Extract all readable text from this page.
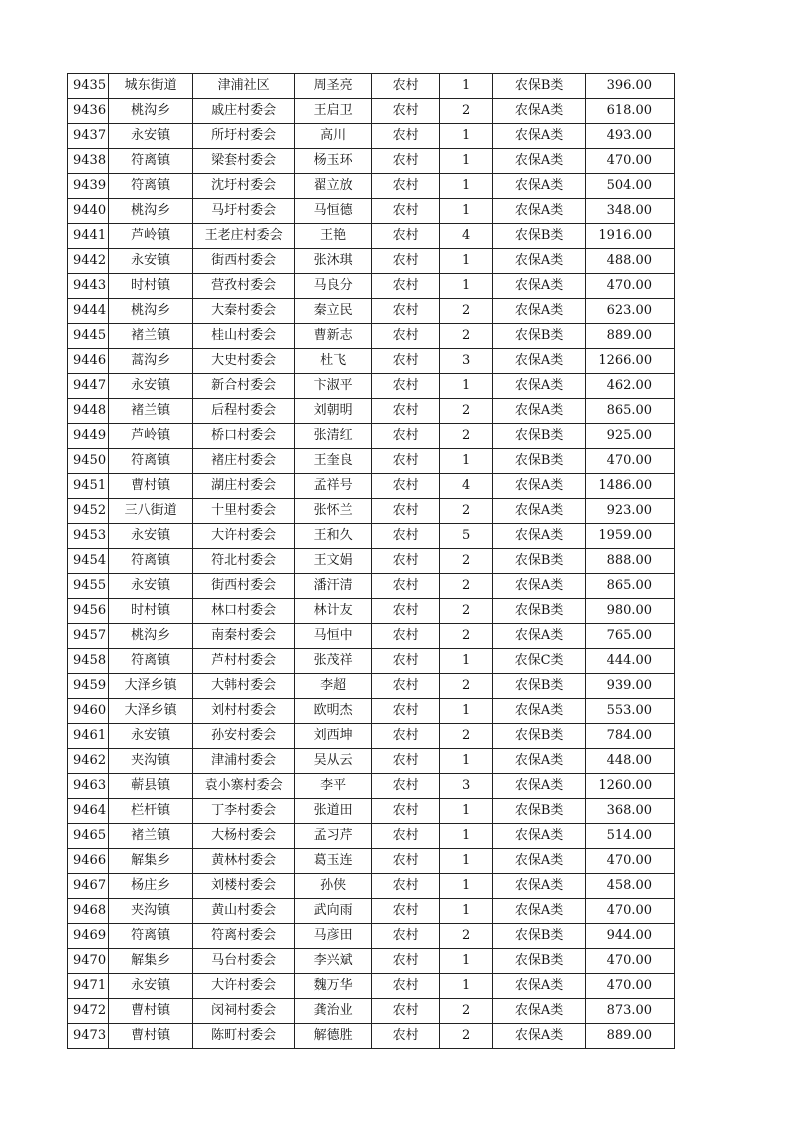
9435	城东街道	津浦社区	周圣亮	农村	1	农保B类	396.00
9436	桃沟乡	戚庄村委会	王启卫	农村	2	农保A类	618.00
9437	永安镇	所圩村委会	高川	农村	1	农保A类	493.00
9438	符离镇	梁套村委会	杨玉环	农村	1	农保A类	470.00
9439	符离镇	沈圩村委会	翟立放	农村	1	农保A类	504.00
9440	桃沟乡	马圩村委会	马恒德	农村	1	农保A类	348.00
9441	芦岭镇	王老庄村委会	王艳	农村	4	农保B类	1916.00
9442	永安镇	街西村委会	张沐琪	农村	1	农保A类	488.00
9443	时村镇	营孜村委会	马良分	农村	1	农保A类	470.00
9444	桃沟乡	大秦村委会	秦立民	农村	2	农保A类	623.00
9445	褚兰镇	桂山村委会	曹新志	农村	2	农保B类	889.00
9446	蒿沟乡	大史村委会	杜飞	农村	3	农保A类	1266.00
9447	永安镇	新合村委会	卞淑平	农村	1	农保A类	462.00
9448	褚兰镇	后程村委会	刘朝明	农村	2	农保A类	865.00
9449	芦岭镇	桥口村委会	张清红	农村	2	农保B类	925.00
9450	符离镇	褚庄村委会	王奎良	农村	1	农保B类	470.00
9451	曹村镇	湖庄村委会	孟祥号	农村	4	农保A类	1486.00
9452	三八街道	十里村委会	张怀兰	农村	2	农保A类	923.00
9453	永安镇	大许村委会	王和久	农村	5	农保A类	1959.00
9454	符离镇	符北村委会	王文娟	农村	2	农保B类	888.00
9455	永安镇	街西村委会	潘汗清	农村	2	农保A类	865.00
9456	时村镇	林口村委会	林计友	农村	2	农保B类	980.00
9457	桃沟乡	南秦村委会	马恒中	农村	2	农保A类	765.00
9458	符离镇	芦村村委会	张茂祥	农村	1	农保C类	444.00
9459	大泽乡镇	大韩村委会	李超	农村	2	农保B类	939.00
9460	大泽乡镇	刘村村委会	欧明杰	农村	1	农保A类	553.00
9461	永安镇	孙安村委会	刘西坤	农村	2	农保B类	784.00
9462	夹沟镇	津浦村委会	吴从云	农村	1	农保A类	448.00
9463	蕲县镇	袁小寨村委会	李平	农村	3	农保A类	1260.00
9464	栏杆镇	丁李村委会	张道田	农村	1	农保B类	368.00
9465	褚兰镇	大杨村委会	孟习芹	农村	1	农保A类	514.00
9466	解集乡	黄林村委会	葛玉连	农村	1	农保A类	470.00
9467	杨庄乡	刘楼村委会	孙侠	农村	1	农保A类	458.00
9468	夹沟镇	黄山村委会	武向雨	农村	1	农保A类	470.00
9469	符离镇	符离村委会	马彦田	农村	2	农保B类	944.00
9470	解集乡	马台村委会	李兴斌	农村	1	农保B类	470.00
9471	永安镇	大许村委会	魏万华	农村	1	农保A类	470.00
9472	曹村镇	闵祠村委会	龚治业	农村	2	农保A类	873.00
9473	曹村镇	陈町村委会	解德胜	农村	2	农保A类	889.00
